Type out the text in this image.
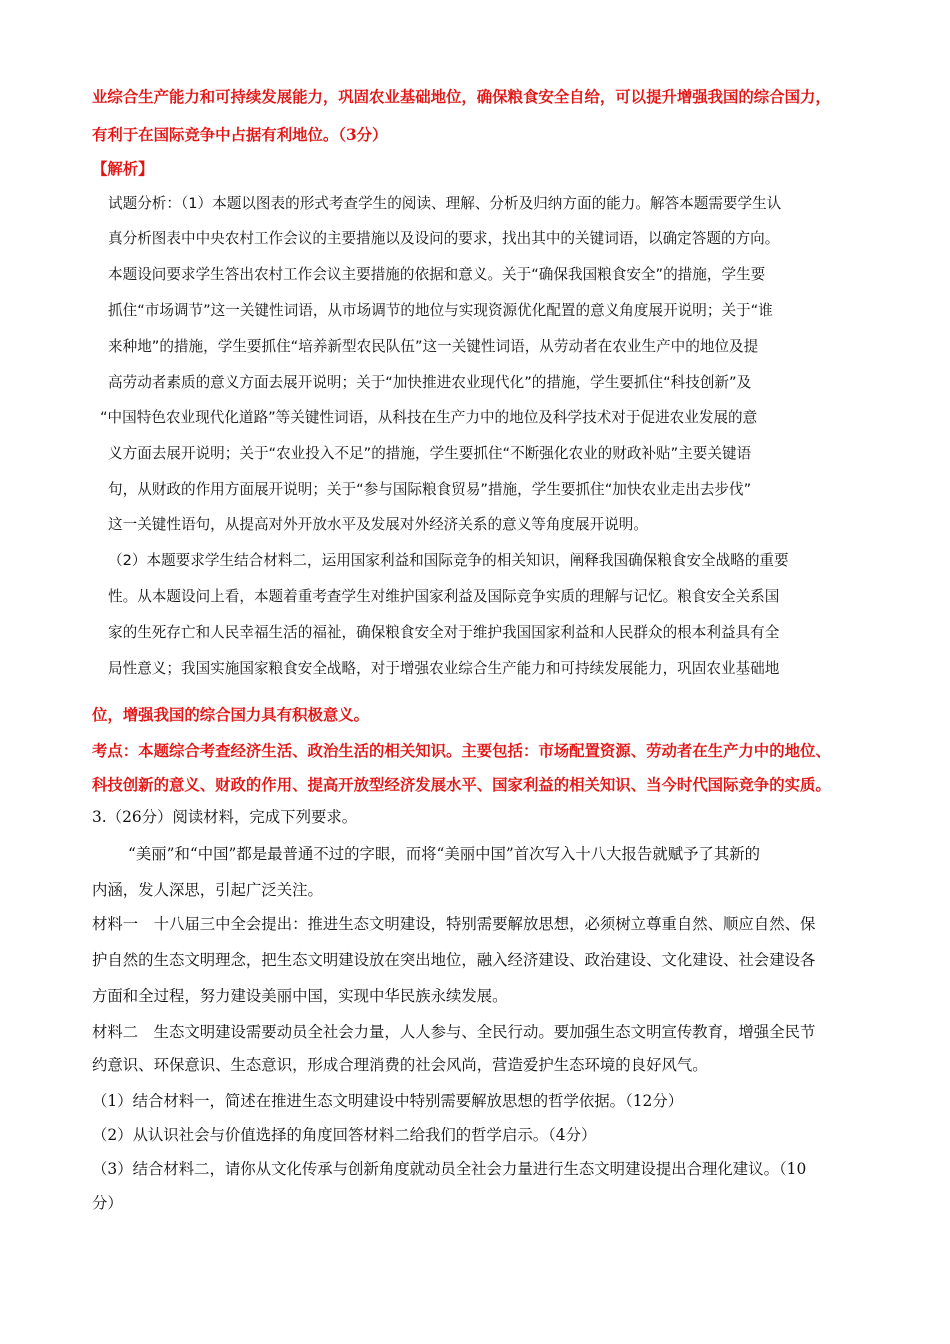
业综合生产能力和可持续发展能力，巩固农业基础地位，确保粮食安全自给，可以提升增强我国的综合国力，

有利于在国际竞争中占据有利地位。（3分）

【解析】

试题分析：（1）本题以图表的形式考查学生的阅读、理解、分析及归纳方面的能力。解答本题需要学生认

真分析图表中中央农村工作会议的主要措施以及设问的要求，找出其中的关键词语，以确定答题的方向。

本题设问要求学生答出农村工作会议主要措施的依据和意义。关于“确保我国粮食安全”的措施，学生要

抓住“市场调节”这一关键性词语，从市场调节的地位与实现资源优化配置的意义角度展开说明；关于“谁

来种地”的措施，学生要抓住“培养新型农民队伍”这一关键性词语，从劳动者在农业生产中的地位及提

高劳动者素质的意义方面去展开说明；关于“加快推进农业现代化”的措施，学生要抓住“科技创新”及

“中国特色农业现代化道路”等关键性词语，从科技在生产力中的地位及科学技术对于促进农业发展的意

义方面去展开说明；关于“农业投入不足”的措施，学生要抓住“不断强化农业的财政补贴”主要关键语

句，从财政的作用方面展开说明；关于“参与国际粮食贸易”措施，学生要抓住“加快农业走出去步伐”

这一关键性语句，从提高对外开放水平及发展对外经济关系的意义等角度展开说明。

（2）本题要求学生结合材料二，运用国家利益和国际竞争的相关知识，阐释我国确保粮食安全战略的重要

性。从本题设问上看，本题着重考查学生对维护国家利益及国际竞争实质的理解与记忆。粮食安全关系国

家的生死存亡和人民幸福生活的福祉，确保粮食安全对于维护我国国家利益和人民群众的根本利益具有全

局性意义；我国实施国家粮食安全战略，对于增强农业综合生产能力和可持续发展能力，巩固农业基础地

位，增强我国的综合国力具有积极意义。

考点：本题综合考查经济生活、政治生活的相关知识。主要包括：市场配置资源、劳动者在生产力中的地位、

科技创新的意义、财政的作用、提高开放型经济发展水平、国家利益的相关知识、当今时代国际竞争的实质。

3.（26分）阅读材料，完成下列要求。

“美丽”和“中国”都是最普通不过的字眼，而将“美丽中国”首次写入十八大报告就赋予了其新的

内涵，发人深思，引起广泛关注。

材料一　十八届三中全会提出：推进生态文明建设，特别需要解放思想，必须树立尊重自然、顺应自然、保

护自然的生态文明理念，把生态文明建设放在突出地位，融入经济建设、政治建设、文化建设、社会建设各

方面和全过程，努力建设美丽中国，实现中华民族永续发展。

材料二　生态文明建设需要动员全社会力量，人人参与、全民行动。要加强生态文明宣传教育，增强全民节

约意识、环保意识、生态意识，形成合理消费的社会风尚，营造爱护生态环境的良好风气。

（1）结合材料一，简述在推进生态文明建设中特别需要解放思想的哲学依据。（12分）

（2）从认识社会与价值选择的角度回答材料二给我们的哲学启示。（4分）

（3）结合材料二，请你从文化传承与创新角度就动员全社会力量进行生态文明建设提出合理化建议。（10

分）
